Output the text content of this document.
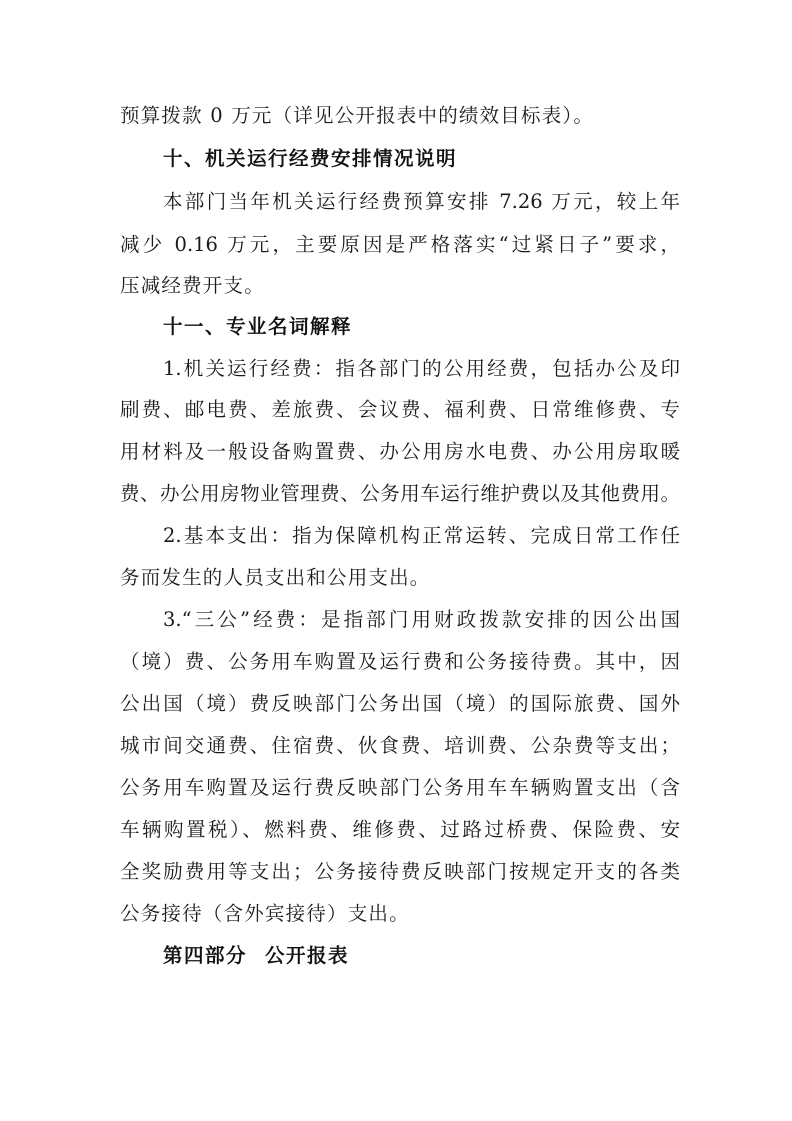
预算拨款 0 万元（详见公开报表中的绩效目标表）。
十、机关运行经费安排情况说明
本部门当年机关运行经费预算安排 7.26 万元，较上年
减少 0.16 万元，主要原因是严格落实“过紧日子”要求，
压减经费开支。
十一、专业名词解释
1.机关运行经费：指各部门的公用经费，包括办公及印
刷费、邮电费、差旅费、会议费、福利费、日常维修费、专
用材料及一般设备购置费、办公用房水电费、办公用房取暖
费、办公用房物业管理费、公务用车运行维护费以及其他费用。
2.基本支出：指为保障机构正常运转、完成日常工作任
务而发生的人员支出和公用支出。
3.“三公”经费：是指部门用财政拨款安排的因公出国
（境）费、公务用车购置及运行费和公务接待费。其中，因
公出国（境）费反映部门公务出国（境）的国际旅费、国外
城市间交通费、住宿费、伙食费、培训费、公杂费等支出；
公务用车购置及运行费反映部门公务用车车辆购置支出（含
车辆购置税）、燃料费、维修费、过路过桥费、保险费、安
全奖励费用等支出；公务接待费反映部门按规定开支的各类
公务接待（含外宾接待）支出。
第四部分 公开报表
